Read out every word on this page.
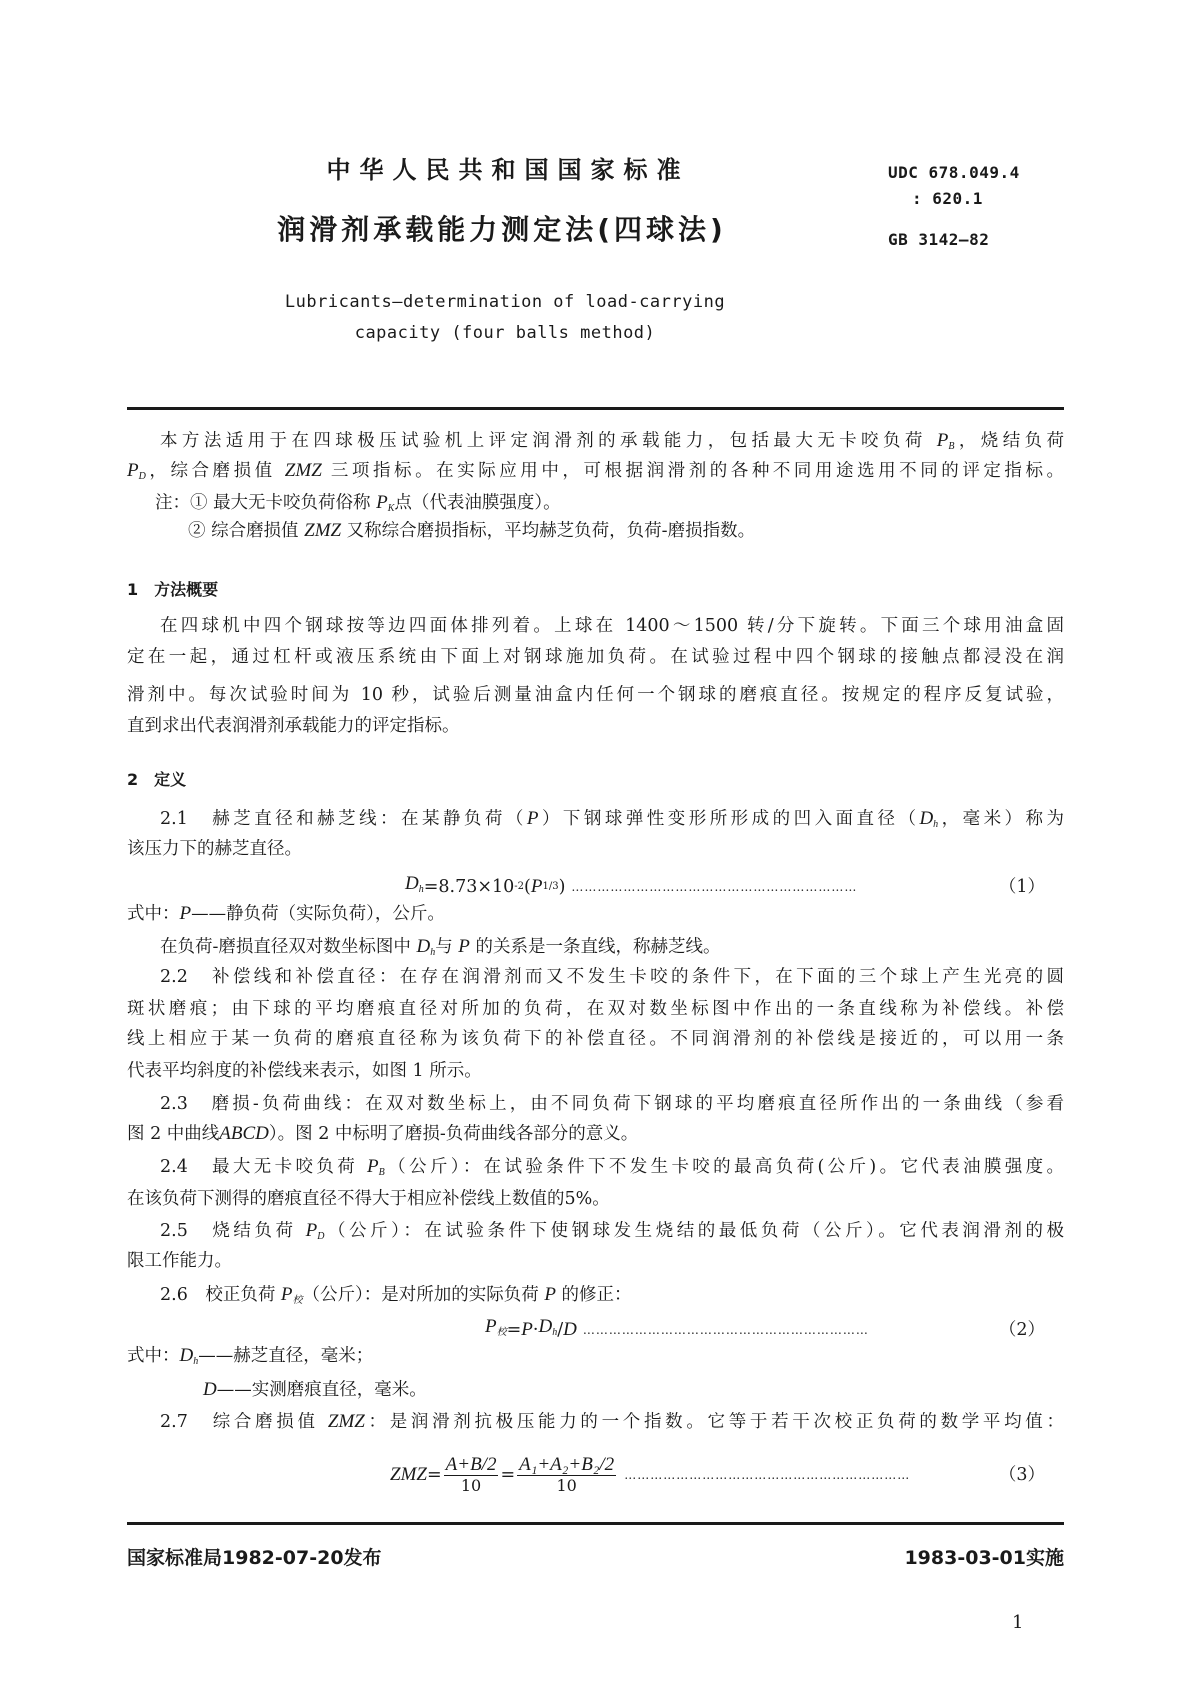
中华人民共和国国家标准	UDC 678.049.4
: 620.1
GB 3142—82
润滑剂承载能力测定法(四球法)
Lubricants—determination of load-carrying
capacity (four balls method)
本方法适用于在四球极压试验机上评定润滑剂的承载能力，包括最大无卡咬负荷 $P_B$，烧结负荷
$P_D$，综合磨损值 ZMZ 三项指标。在实际应用中，可根据润滑剂的各种不同用途选用不同的评定指标。
注：① 最大无卡咬负荷俗称 $P_K$点（代表油膜强度）。
② 综合磨损值 ZMZ 又称综合磨损指标，平均赫芝负荷，负荷-磨损指数。
1　方法概要
在四球机中四个钢球按等边四面体排列着。上球在 1400～1500 转/分下旋转。下面三个球用油盒固
定在一起，通过杠杆或液压系统由下面上对钢球施加负荷。在试验过程中四个钢球的接触点都浸没在润
滑剂中。每次试验时间为 10 秒，试验后测量油盒内任何一个钢球的磨痕直径。按规定的程序反复试验，
直到求出代表润滑剂承载能力的评定指标。
2　定义
2.1　赫芝直径和赫芝线：在某静负荷（P）下钢球弹性变形所形成的凹入面直径（$D_h$，毫米）称为
该压力下的赫芝直径。
$D_h =8.73\times 10$ -2 ( P 1/3 ) …………………………………………………………	（1）
式中：P——静负荷（实际负荷），公斤。
在负荷-磨损直径双对数坐标图中 $D_h$与 P 的关系是一条直线，称赫芝线。
2.2　补偿线和补偿直径：在存在润滑剂而又不发生卡咬的条件下，在下面的三个球上产生光亮的圆
斑状磨痕；由下球的平均磨痕直径对所加的负荷，在双对数坐标图中作出的一条直线称为补偿线。补偿
线上相应于某一负荷的磨痕直径称为该负荷下的补偿直径。不同润滑剂的补偿线是接近的，可以用一条
代表平均斜度的补偿线来表示，如图 1 所示。
2.3　磨损-负荷曲线：在双对数坐标上，由不同负荷下钢球的平均磨痕直径所作出的一条曲线（参看
图 2 中曲线ABCD）。图 2 中标明了磨损-负荷曲线各部分的意义。
2.4　最大无卡咬负荷 $P_B$（公斤）：在试验条件下不发生卡咬的最高负荷(公斤)。它代表油膜强度。
在该负荷下测得的磨痕直径不得大于相应补偿线上数值的5%。
2.5　烧结负荷 $P_D$（公斤）：在试验条件下使钢球发生烧结的最低负荷（公斤）。它代表润滑剂的极
限工作能力。
2.6　校正负荷 $P_校$（公斤）：是对所加的实际负荷 P 的修正：
$P_校 = P \cdot D_h / D$ …………………………………………………………	（2）
式中：$D_h——$赫芝直径，毫米；
D——实测磨痕直径，毫米。
2.7　综合磨损值 ZMZ：是润滑剂抗极压能力的一个指数。它等于若干次校正负荷的数学平均值：
ZMZ = $\frac{A+B/2}{10} = \frac{\text{A₁+A₂+B₂/2}}{10}$ …………………………………………………………	（3）
国家标准局1982-07-20发布	1983-03-01实施
1
